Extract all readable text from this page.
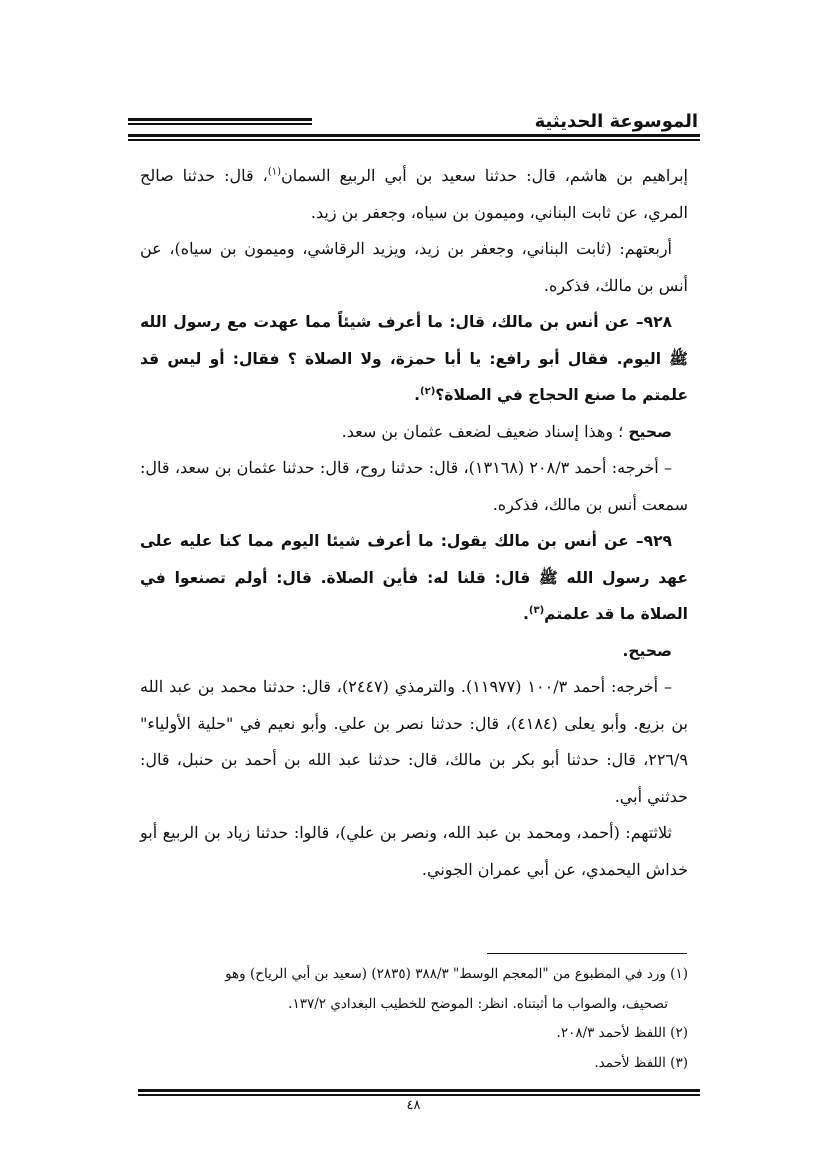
الموسوعة الحديثية

إبراهيم بن هاشم، قال: حدثنا سعيد بن أبي الربيع السمان$^{(١)}$، قال: حدثنا صالح المري، عن ثابت البناني، وميمون بن سياه، وجعفر بن زيد.

أربعتهم: (ثابت البناني، وجعفر بن زيد، ويزيد الرقاشي، وميمون بن سياه)، عن أنس بن مالك، فذكره.

٩٢٨– عن أنس بن مالك، قال: ما أعرف شيئاً مما عهدت مع رسول الله ﷺ اليوم. فقال أبو رافع: يا أبا حمزة، ولا الصلاة ؟ فقال: أو ليس قد علمتم ما صنع الحجاج في الصلاة؟$^{(٢)}$.

صحيح ؛ وهذا إسناد ضعيف لضعف عثمان بن سعد.

– أخرجه: أحمد ٢٠٨/٣ (١٣١٦٨)، قال: حدثنا روح، قال: حدثنا عثمان بن سعد، قال: سمعت أنس بن مالك، فذكره.

٩٢٩– عن أنس بن مالك يقول: ما أعرف شيئا اليوم مما كنا عليه على عهد رسول الله ﷺ قال: قلنا له: فأين الصلاة. قال: أولم تصنعوا في الصلاة ما قد علمتم$^{(٣)}$.

صحيح.

– أخرجه: أحمد ١٠٠/٣ (١١٩٧٧). والترمذي (٢٤٤٧)، قال: حدثنا محمد بن عبد الله بن بزيع. وأبو يعلى (٤١٨٤)، قال: حدثنا نصر بن علي. وأبو نعيم في "حلية الأولياء" ٢٢٦/٩، قال: حدثنا أبو بكر بن مالك، قال: حدثنا عبد الله بن أحمد بن حنبل، قال: حدثني أبي.

ثلاثتهم: (أحمد، ومحمد بن عبد الله، ونصر بن علي)، قالوا: حدثنا زياد بن الربيع أبو خداش اليحمدي، عن أبي عمران الجوني.

(١) ورد في المطبوع من "المعجم الوسط" ٣٨٨/٣ (٢٨٣٥) (سعيد بن أبي الرياح) وهو

تصحيف، والصواب ما أثبتناه. انظر: الموضح للخطيب البغدادي ١٣٧/٢.

(٢) اللفظ لأحمد ٢٠٨/٣.

(٣) اللفظ لأحمد.

٤٨
